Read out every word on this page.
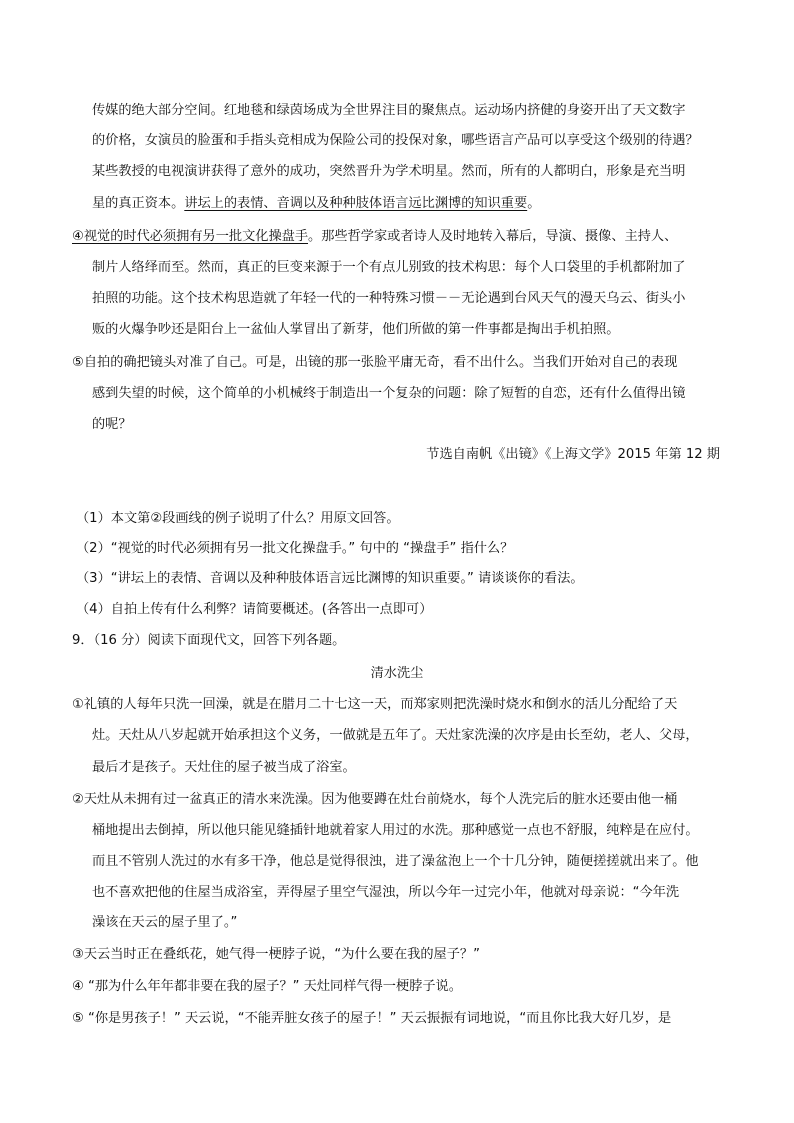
传媒的绝大部分空间。红地毯和绿茵场成为全世界注目的聚焦点。运动场内挤健的身姿开出了天文数字
的价格，女演员的脸蛋和手指头竞相成为保险公司的投保对象，哪些语言产品可以享受这个级别的待遇？
某些教授的电视演讲获得了意外的成功，突然晋升为学术明星。然而，所有的人都明白，形象是充当明
星的真正资本。讲坛上的表情、音调以及种种肢体语言远比渊博的知识重要。
④视觉的时代必须拥有另一批文化操盘手。那些哲学家或者诗人及时地转入幕后，导演、摄像、主持人、
制片人络绎而至。然而，真正的巨变来源于一个有点儿别致的技术构思：每个人口袋里的手机都附加了
拍照的功能。这个技术构思造就了年轻一代的一种特殊习惯－－无论遇到台风天气的漫天乌云、街头小
贩的火爆争吵还是阳台上一盆仙人掌冒出了新芽，他们所做的第一件事都是掏出手机拍照。
⑤自拍的确把镜头对准了自己。可是，出镜的那一张脸平庸无奇，看不出什么。当我们开始对自己的表现
感到失望的时候，这个简单的小机械终于制造出一个复杂的问题：除了短暂的自恋，还有什么值得出镜
的呢？
节选自南帆《出镜》《上海文学》2015 年第 12 期
（1）本文第②段画线的例子说明了什么？用原文回答。
（2）“视觉的时代必须拥有另一批文化操盘手。” 句中的 “操盘手” 指什么？
（3）“讲坛上的表情、音调以及种种肢体语言远比渊博的知识重要。” 请谈谈你的看法。
（4）自拍上传有什么利弊？请简要概述。(各答出一点即可）
9．（16 分）阅读下面现代文，回答下列各题。
清水洗尘
①礼镇的人每年只洗一回澡，就是在腊月二十七这一天，而郑家则把洗澡时烧水和倒水的活儿分配给了天
灶。天灶从八岁起就开始承担这个义务，一做就是五年了。天灶家洗澡的次序是由长至幼，老人、父母，
最后才是孩子。天灶住的屋子被当成了浴室。
②天灶从未拥有过一盆真正的清水来洗澡。因为他要蹲在灶台前烧水，每个人洗完后的脏水还要由他一桶
桶地提出去倒掉，所以他只能见缝插针地就着家人用过的水洗。那种感觉一点也不舒服，纯粹是在应付。
而且不管别人洗过的水有多干净，他总是觉得很浊，进了澡盆泡上一个十几分钟，随便搓搓就出来了。他
也不喜欢把他的住屋当成浴室，弄得屋子里空气湿浊，所以今年一过完小年，他就对母亲说：“今年洗
澡该在天云的屋子里了。”
③天云当时正在叠纸花，她气得一梗脖子说，“为什么要在我的屋子？”
④ “那为什么年年都非要在我的屋子？” 天灶同样气得一梗脖子说。
⑤ “你是男孩子！” 天云说，“不能弄脏女孩子的屋子！” 天云振振有词地说，“而且你比我大好几岁，是
